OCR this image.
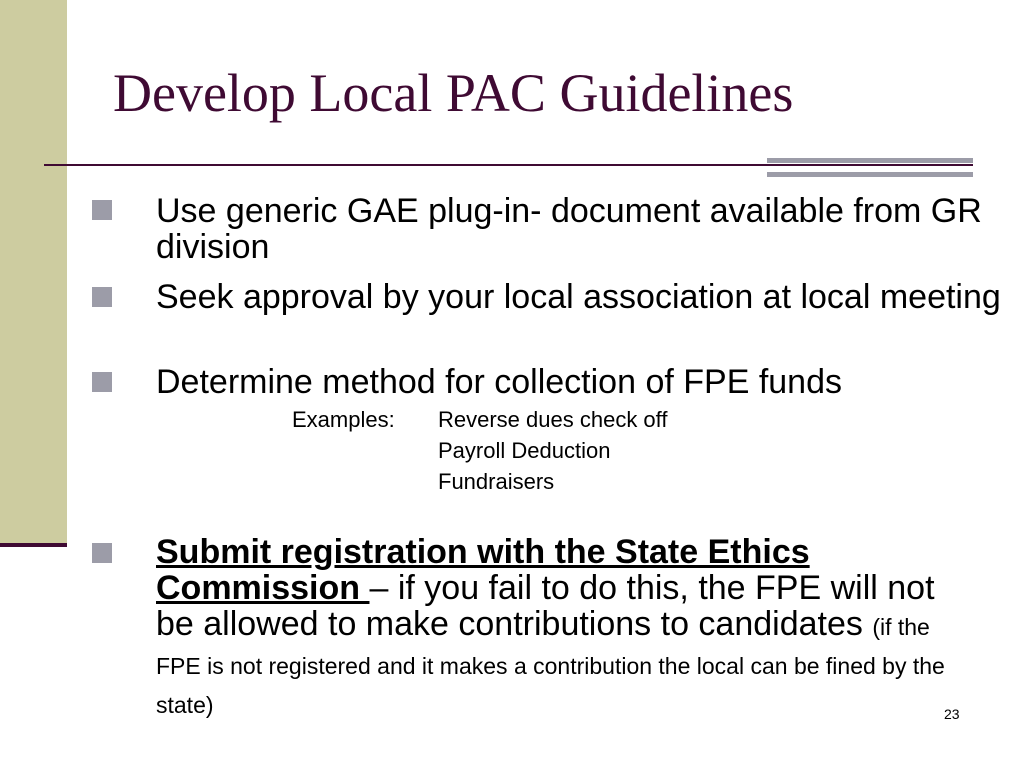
Develop Local PAC Guidelines
Use generic GAE plug-in- document available from GR division
Seek approval by your local association at local meeting
Determine method for collection of FPE funds
Examples: Reverse dues check off
Payroll Deduction
Fundraisers
Submit registration with the State Ethics Commission – if you fail to do this, the FPE will not be allowed to make contributions to candidates (if the FPE is not registered and it makes a contribution the local can be fined by the state)	23
